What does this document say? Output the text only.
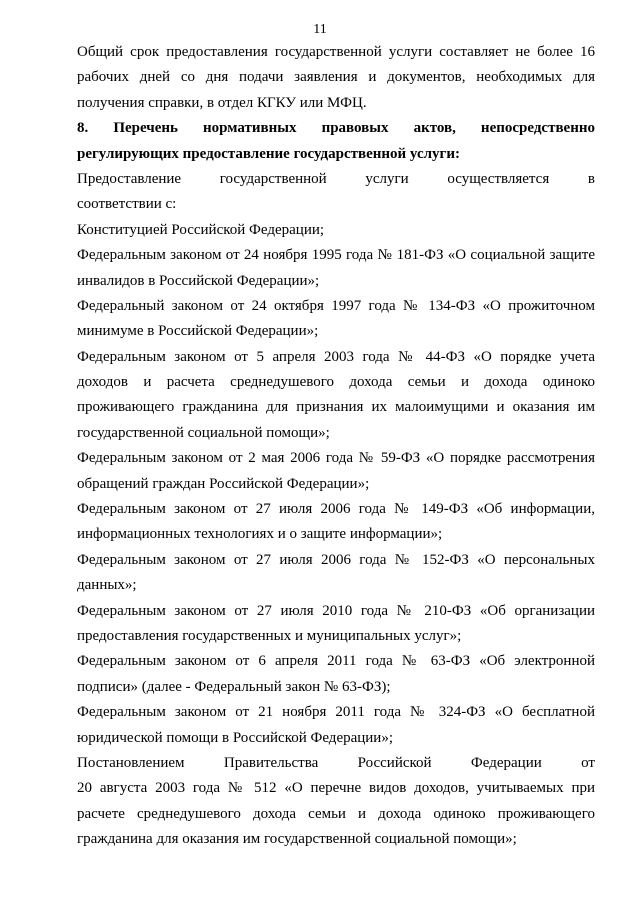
11
Общий срок предоставления государственной услуги составляет не более 16
рабочих дней со дня подачи заявления и документов, необходимых для
получения справки, в отдел КГКУ или МФЦ.
8. Перечень нормативных правовых актов, непосредственно
регулирующих предоставление государственной услуги:
Предоставление государственной услуги осуществляется в
соответствии с:
Конституцией Российской Федерации;
Федеральным законом от 24 ноября 1995 года № 181-ФЗ «О социальной защите
инвалидов в Российской Федерации»;
Федеральный законом от 24 октября 1997 года № 134-ФЗ «О прожиточном
минимуме в Российской Федерации»;
Федеральным законом от 5 апреля 2003 года № 44-ФЗ «О порядке учета
доходов и расчета среднедушевого дохода семьи и дохода одиноко
проживающего гражданина для признания их малоимущими и оказания им
государственной социальной помощи»;
Федеральным законом от 2 мая 2006 года № 59-ФЗ «О порядке рассмотрения
обращений граждан Российской Федерации»;
Федеральным законом от 27 июля 2006 года № 149-ФЗ «Об информации,
информационных технологиях и о защите информации»;
Федеральным законом от 27 июля 2006 года № 152-ФЗ «О персональных
данных»;
Федеральным законом от 27 июля 2010 года № 210-ФЗ «Об организации
предоставления государственных и муниципальных услуг»;
Федеральным законом от 6 апреля 2011 года № 63-ФЗ «Об электронной
подписи» (далее - Федеральный закон № 63-ФЗ);
Федеральным законом от 21 ноября 2011 года № 324-ФЗ «О бесплатной
юридической помощи в Российской Федерации»;
Постановлением Правительства Российской Федерации от
20 августа 2003 года № 512 «О перечне видов доходов, учитываемых при
расчете среднедушевого дохода семьи и дохода одиноко проживающего
гражданина для оказания им государственной социальной помощи»;
